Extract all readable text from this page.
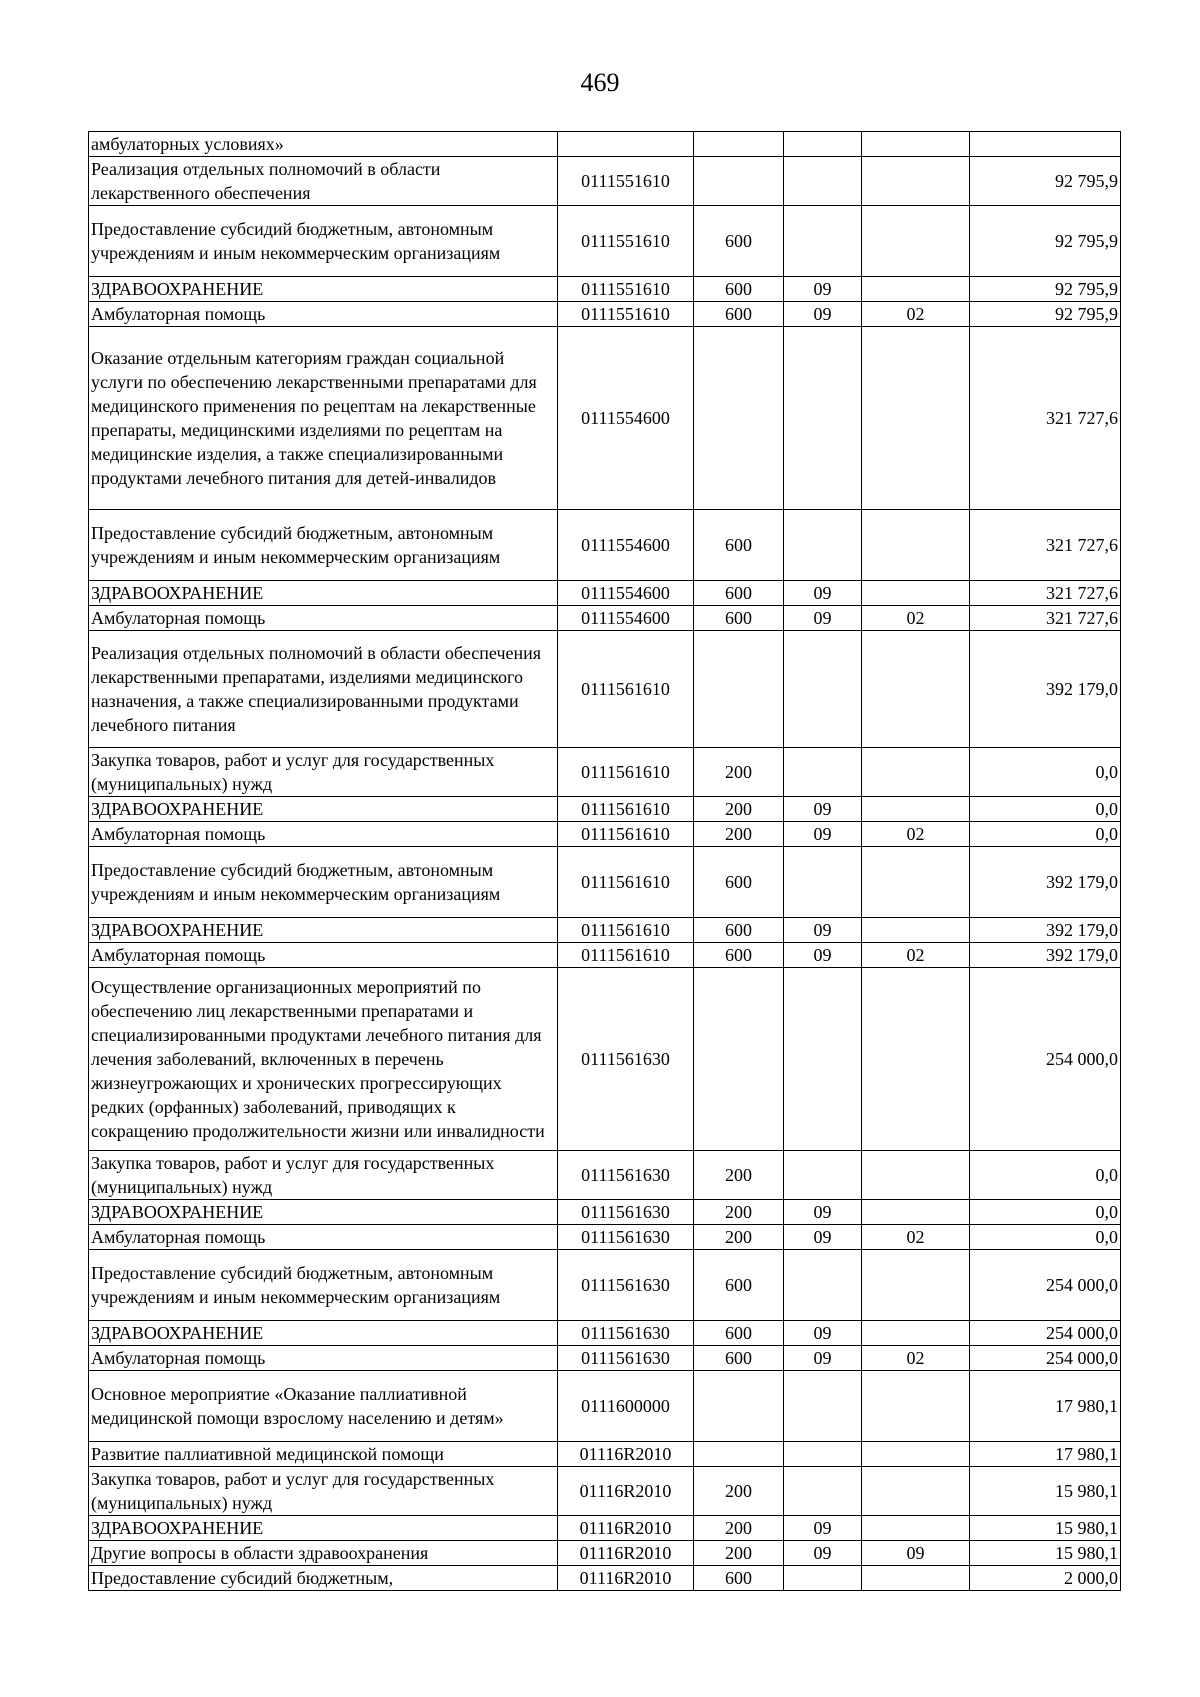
469
амбулаторных условиях»					
Реализация отдельных полномочий в области лекарственного обеспечения	0111551610				92 795,9
Предоставление субсидий бюджетным, автономным учреждениям и иным некоммерческим организациям	0111551610	600			92 795,9
ЗДРАВООХРАНЕНИЕ	0111551610	600	09		92 795,9
Амбулаторная помощь	0111551610	600	09	02	92 795,9
Оказание отдельным категориям граждан социальной услуги по обеспечению лекарственными препаратами для медицинского применения по рецептам на лекарственные препараты, медицинскими изделиями по рецептам на медицинские изделия, а также специализированными продуктами лечебного питания для детей-инвалидов	0111554600				321 727,6
Предоставление субсидий бюджетным, автономным учреждениям и иным некоммерческим организациям	0111554600	600			321 727,6
ЗДРАВООХРАНЕНИЕ	0111554600	600	09		321 727,6
Амбулаторная помощь	0111554600	600	09	02	321 727,6
Реализация отдельных полномочий в области обеспечения лекарственными препаратами, изделиями медицинского назначения, а также специализированными продуктами лечебного питания	0111561610				392 179,0
Закупка товаров, работ и услуг для государственных (муниципальных) нужд	0111561610	200			0,0
ЗДРАВООХРАНЕНИЕ	0111561610	200	09		0,0
Амбулаторная помощь	0111561610	200	09	02	0,0
Предоставление субсидий бюджетным, автономным учреждениям и иным некоммерческим организациям	0111561610	600			392 179,0
ЗДРАВООХРАНЕНИЕ	0111561610	600	09		392 179,0
Амбулаторная помощь	0111561610	600	09	02	392 179,0
Осуществление организационных мероприятий по обеспечению лиц лекарственными препаратами и специализированными продуктами лечебного питания для лечения заболеваний, включенных в перечень жизнеугрожающих и хронических прогрессирующих редких (орфанных) заболеваний, приводящих к сокращению продолжительности жизни или инвалидности	0111561630				254 000,0
Закупка товаров, работ и услуг для государственных (муниципальных) нужд	0111561630	200			0,0
ЗДРАВООХРАНЕНИЕ	0111561630	200	09		0,0
Амбулаторная помощь	0111561630	200	09	02	0,0
Предоставление субсидий бюджетным, автономным учреждениям и иным некоммерческим организациям	0111561630	600			254 000,0
ЗДРАВООХРАНЕНИЕ	0111561630	600	09		254 000,0
Амбулаторная помощь	0111561630	600	09	02	254 000,0
Основное мероприятие «Оказание паллиативной медицинской помощи взрослому населению и детям»	0111600000				17 980,1
Развитие паллиативной медицинской помощи	01116R2010				17 980,1
Закупка товаров, работ и услуг для государственных (муниципальных) нужд	01116R2010	200			15 980,1
ЗДРАВООХРАНЕНИЕ	01116R2010	200	09		15 980,1
Другие вопросы в области здравоохранения	01116R2010	200	09	09	15 980,1
Предоставление субсидий бюджетным,	01116R2010	600			2 000,0
